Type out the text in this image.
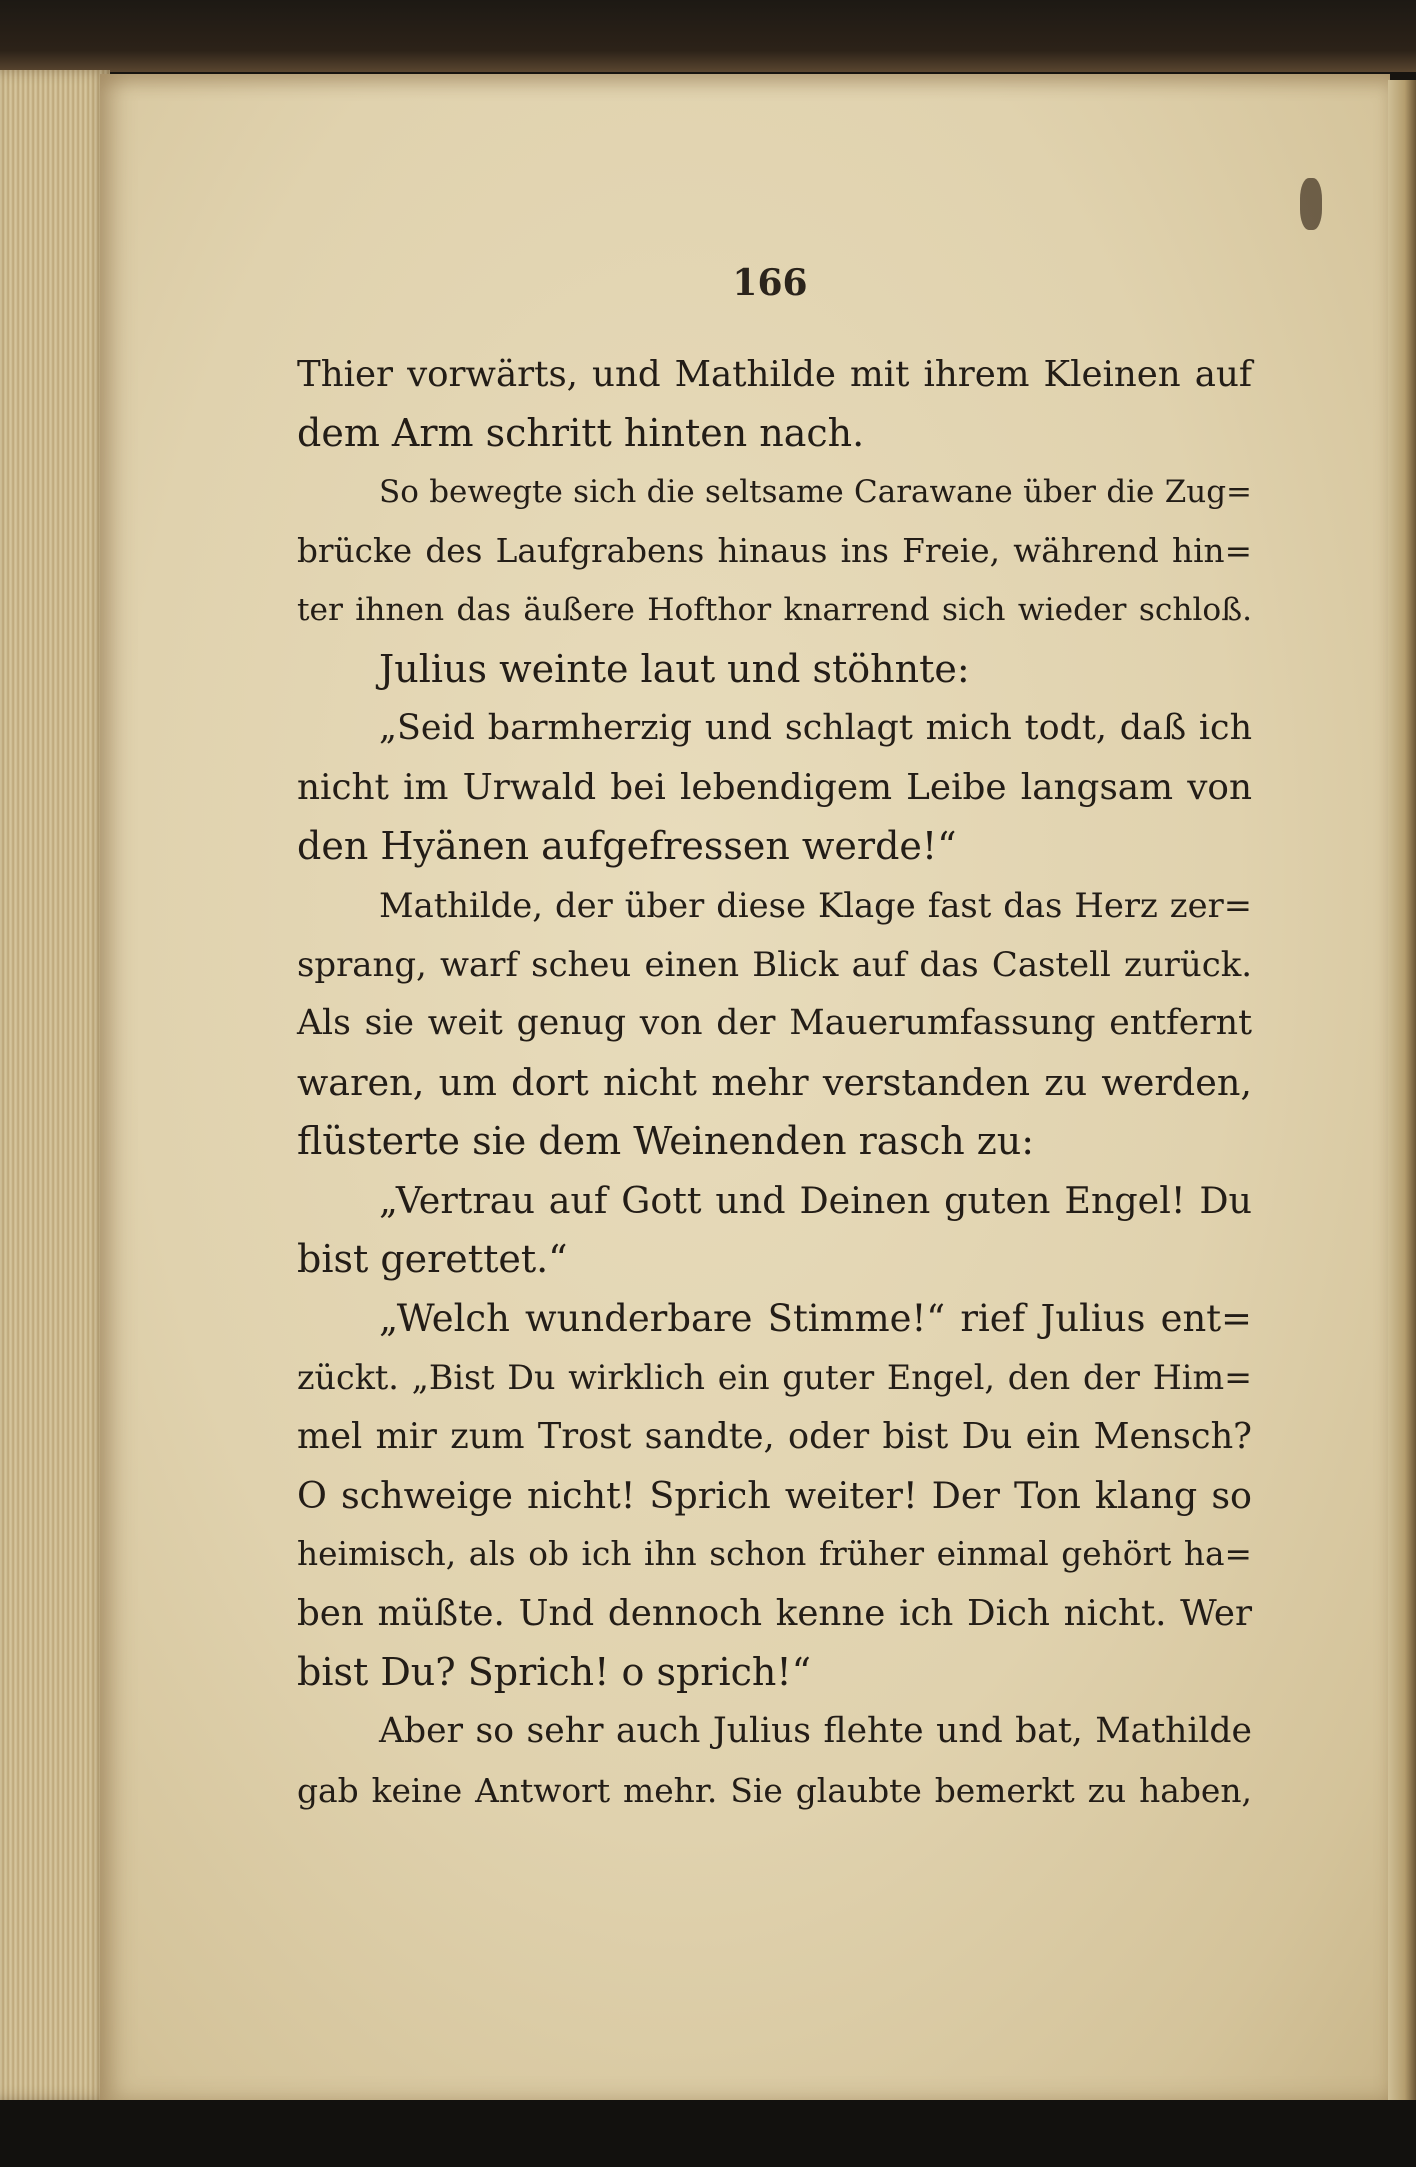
166
Thier vorwärts, und Mathilde mit ihrem Kleinen auf
dem Arm schritt hinten nach.
So bewegte sich die seltsame Carawane über die Zug=
brücke des Laufgrabens hinaus ins Freie, während hin=
ter ihnen das äußere Hofthor knarrend sich wieder schloß.
Julius weinte laut und stöhnte:
„Seid barmherzig und schlagt mich todt, daß ich
nicht im Urwald bei lebendigem Leibe langsam von
den Hyänen aufgefressen werde!“
Mathilde, der über diese Klage fast das Herz zer=
sprang, warf scheu einen Blick auf das Castell zurück.
Als sie weit genug von der Mauerumfassung entfernt
waren, um dort nicht mehr verstanden zu werden,
flüsterte sie dem Weinenden rasch zu:
„Vertrau auf Gott und Deinen guten Engel! Du
bist gerettet.“
„Welch wunderbare Stimme!“ rief Julius ent=
zückt. „Bist Du wirklich ein guter Engel, den der Him=
mel mir zum Trost sandte, oder bist Du ein Mensch?
O schweige nicht! Sprich weiter! Der Ton klang so
heimisch, als ob ich ihn schon früher einmal gehört ha=
ben müßte. Und dennoch kenne ich Dich nicht. Wer
bist Du? Sprich! o sprich!“
Aber so sehr auch Julius flehte und bat, Mathilde
gab keine Antwort mehr. Sie glaubte bemerkt zu haben,
